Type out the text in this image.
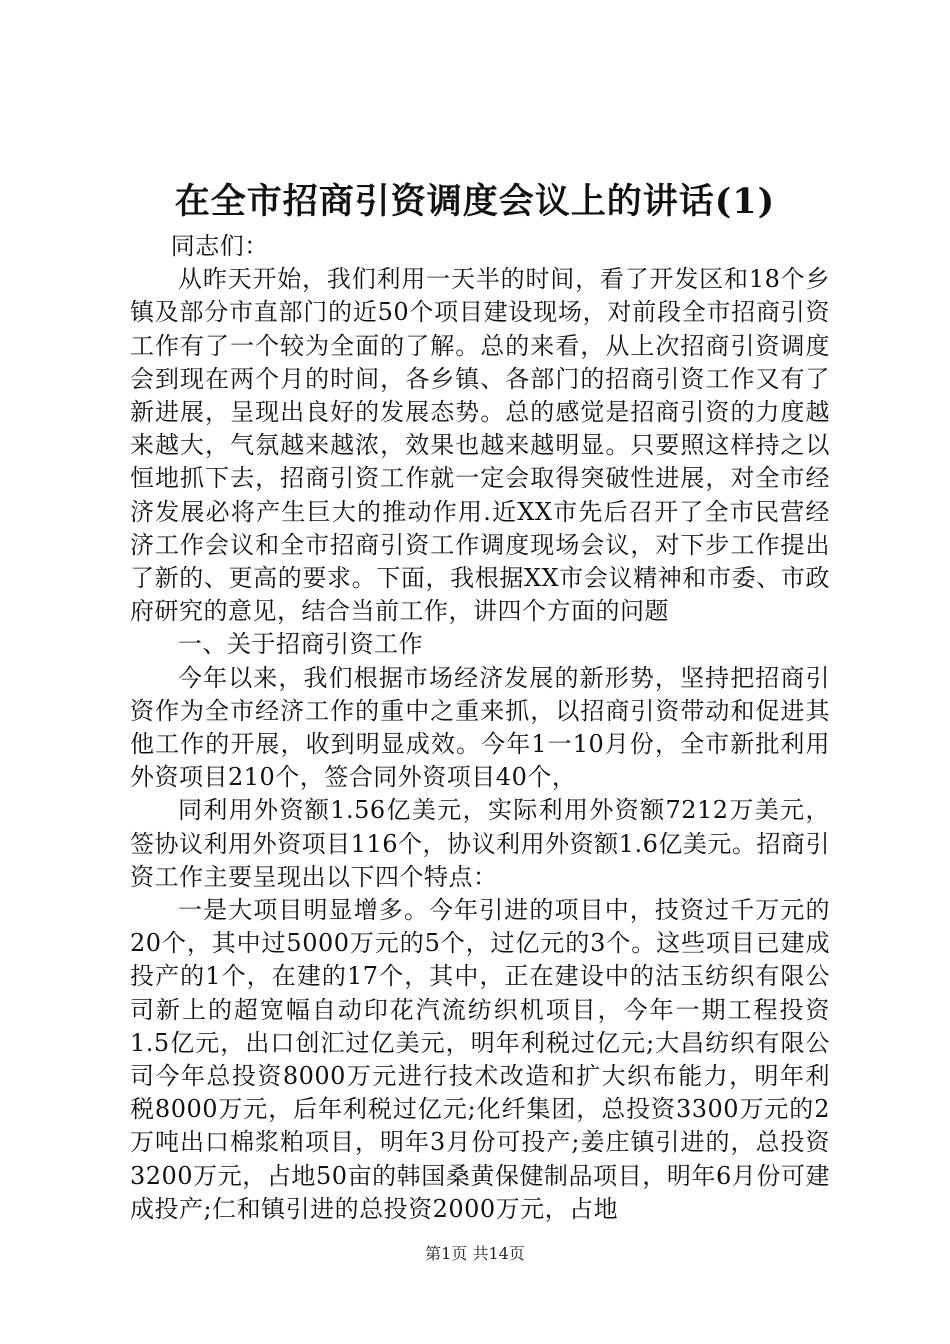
在全市招商引资调度会议上的讲话(1)

同志们：

从昨天开始，我们利用一天半的时间，看了开发区和18个乡镇及部分市直部门的近50个项目建设现场，对前段全市招商引资工作有了一个较为全面的了解。总的来看，从上次招商引资调度会到现在两个月的时间，各乡镇、各部门的招商引资工作又有了新进展，呈现出良好的发展态势。总的感觉是招商引资的力度越来越大，气氛越来越浓，效果也越来越明显。只要照这样持之以恒地抓下去，招商引资工作就一定会取得突破性进展，对全市经济发展必将产生巨大的推动作用.近XX市先后召开了全市民营经济工作会议和全市招商引资工作调度现场会议，对下步工作提出了新的、更高的要求。下面，我根据XX市会议精神和市委、市政府研究的意见，结合当前工作，讲四个方面的问题

一、关于招商引资工作

今年以来，我们根据市场经济发展的新形势，坚持把招商引资作为全市经济工作的重中之重来抓，以招商引资带动和促进其他工作的开展，收到明显成效。今年1一10月份，全市新批利用外资项目210个，签合同外资项目40个，

同利用外资额1.56亿美元，实际利用外资额7212万美元，签协议利用外资项目116个，协议利用外资额1.6亿美元。招商引资工作主要呈现出以下四个特点：

一是大项目明显增多。今年引进的项目中，技资过千万元的20个，其中过5000万元的5个，过亿元的3个。这些项目已建成投产的1个，在建的17个，其中，正在建设中的沽玉纺织有限公司新上的超宽幅自动印花汽流纺织机项目，今年一期工程投资1.5亿元，出口创汇过亿美元，明年利税过亿元;大昌纺织有限公司今年总投资8000万元进行技术改造和扩大织布能力，明年利税8000万元，后年利税过亿元;化纤集团，总投资3300万元的2万吨出口棉浆粕项目，明年3月份可投产;姜庄镇引进的，总投资3200万元，占地50亩的韩国桑黄保健制品项目，明年6月份可建成投产;仁和镇引进的总投资2000万元，占地

第1页 共14页
